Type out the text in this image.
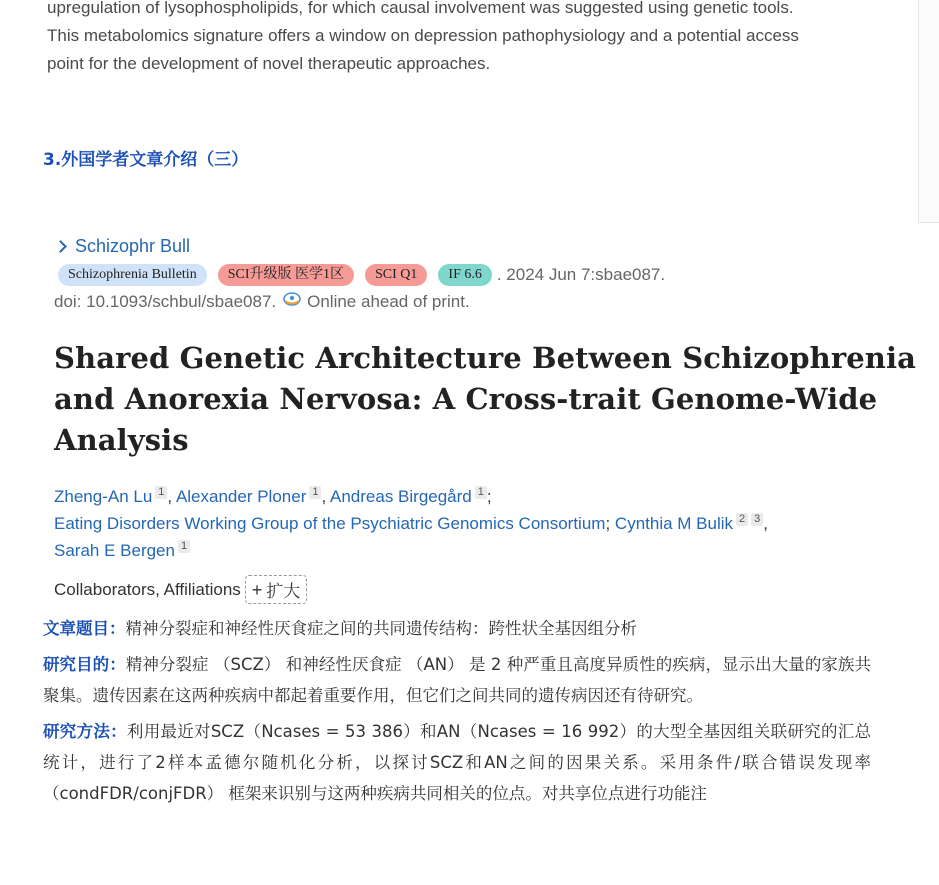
upregulation of lysophospholipids, for which causal involvement was suggested using genetic tools.
This metabolomics signature offers a window on depression pathophysiology and a potential access
point for the development of novel therapeutic approaches.
3.外国学者文章介绍（三）
Schizophr Bull
Schizophrenia Bulletin	SCI升级版 医学1区	SCI Q1	IF 6.6 . 2024 Jun 7:sbae087.
doi: 10.1093/schbul/sbae087. Online ahead of print.
Shared Genetic Architecture Between Schizophrenia
and Anorexia Nervosa: A Cross-trait Genome-Wide
Analysis
Zheng-An Lu 1 , Alexander Ploner 1 , Andreas Birgegård 1 ;
Eating Disorders Working Group of the Psychiatric Genomics Consortium; Cynthia M Bulik 2 3 ,
Sarah E Bergen 1
Collaborators, Affiliations + 扩大

文章题目：精神分裂症和神经性厌食症之间的共同遗传结构：跨性状全基因组分析

研究目的：精神分裂症 （SCZ） 和神经性厌食症 （AN） 是 2 种严重且高度异质性的疾病，显示出大量的家族共聚集。遗传因素在这两种疾病中都起着重要作用，但它们之间共同的遗传病因还有待研究。

研究方法：利用最近对SCZ（Ncases = 53 386）和AN（Ncases = 16 992）的大型全基因组关联研究的汇总统计，进行了2样本孟德尔随机化分析，以探讨SCZ和AN之间的因果关系。采用条件/联合错误发现率 （condFDR/conjFDR） 框架来识别与这两种疾病共同相关的位点。对共享位点进行功能注
